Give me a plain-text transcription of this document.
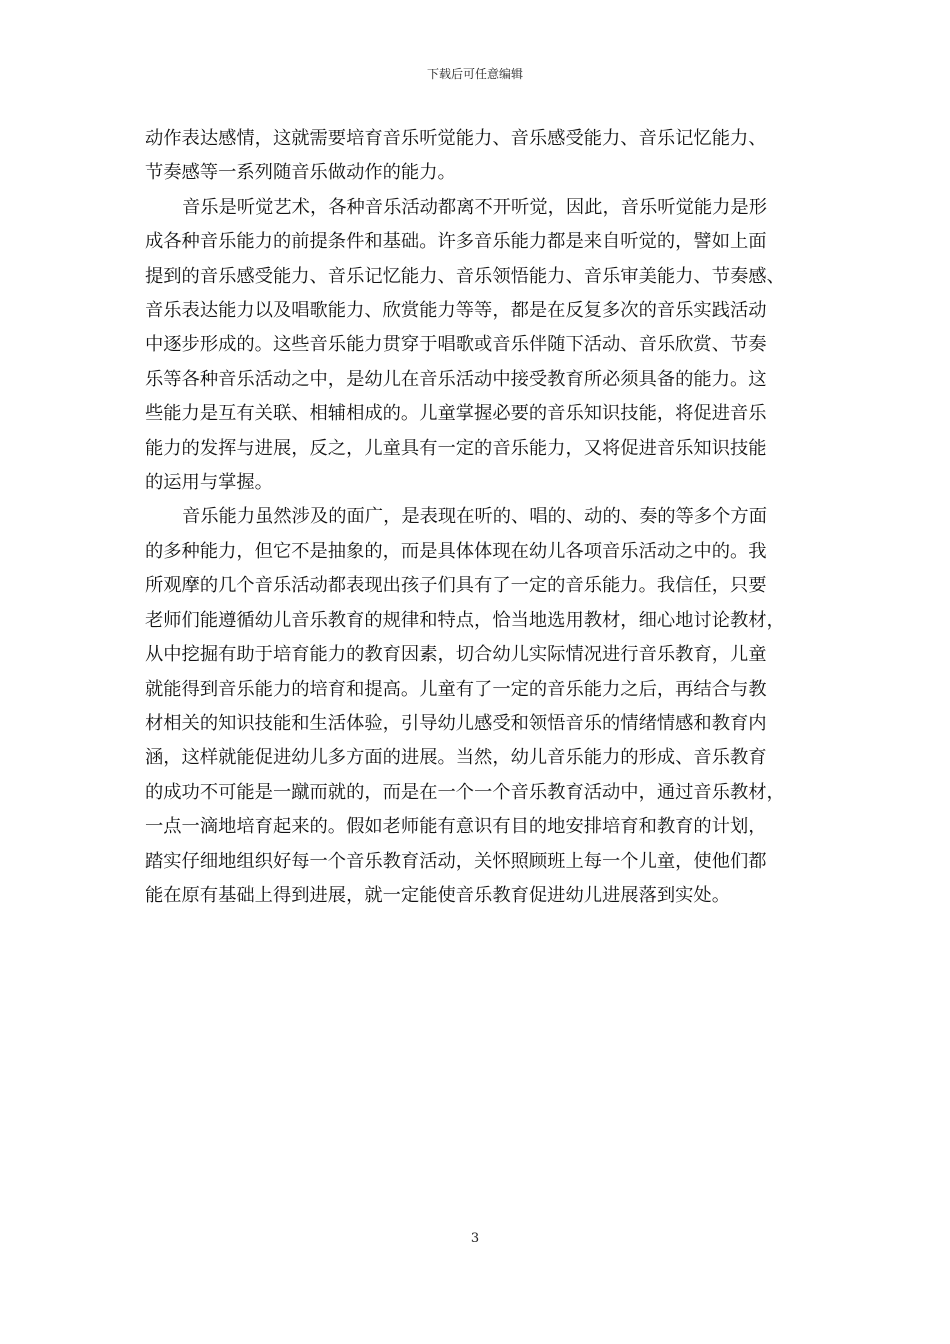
下载后可任意编辑
动作表达感情，这就需要培育音乐听觉能力、音乐感受能力、音乐记忆能力、
节奏感等一系列随音乐做动作的能力。
音乐是听觉艺术，各种音乐活动都离不开听觉，因此，音乐听觉能力是形
成各种音乐能力的前提条件和基础。许多音乐能力都是来自听觉的，譬如上面
提到的音乐感受能力、音乐记忆能力、音乐领悟能力、音乐审美能力、节奏感、
音乐表达能力以及唱歌能力、欣赏能力等等，都是在反复多次的音乐实践活动
中逐步形成的。这些音乐能力贯穿于唱歌或音乐伴随下活动、音乐欣赏、节奏
乐等各种音乐活动之中，是幼儿在音乐活动中接受教育所必须具备的能力。这
些能力是互有关联、相辅相成的。儿童掌握必要的音乐知识技能，将促进音乐
能力的发挥与进展，反之，儿童具有一定的音乐能力，又将促进音乐知识技能
的运用与掌握。
音乐能力虽然涉及的面广，是表现在听的、唱的、动的、奏的等多个方面
的多种能力，但它不是抽象的，而是具体体现在幼儿各项音乐活动之中的。我
所观摩的几个音乐活动都表现出孩子们具有了一定的音乐能力。我信任，只要
老师们能遵循幼儿音乐教育的规律和特点，恰当地选用教材，细心地讨论教材，
从中挖掘有助于培育能力的教育因素，切合幼儿实际情况进行音乐教育，儿童
就能得到音乐能力的培育和提高。儿童有了一定的音乐能力之后，再结合与教
材相关的知识技能和生活体验，引导幼儿感受和领悟音乐的情绪情感和教育内
涵，这样就能促进幼儿多方面的进展。当然，幼儿音乐能力的形成、音乐教育
的成功不可能是一蹴而就的，而是在一个一个音乐教育活动中，通过音乐教材，
一点一滴地培育起来的。假如老师能有意识有目的地安排培育和教育的计划，
踏实仔细地组织好每一个音乐教育活动，关怀照顾班上每一个儿童，使他们都
能在原有基础上得到进展，就一定能使音乐教育促进幼儿进展落到实处。
3
